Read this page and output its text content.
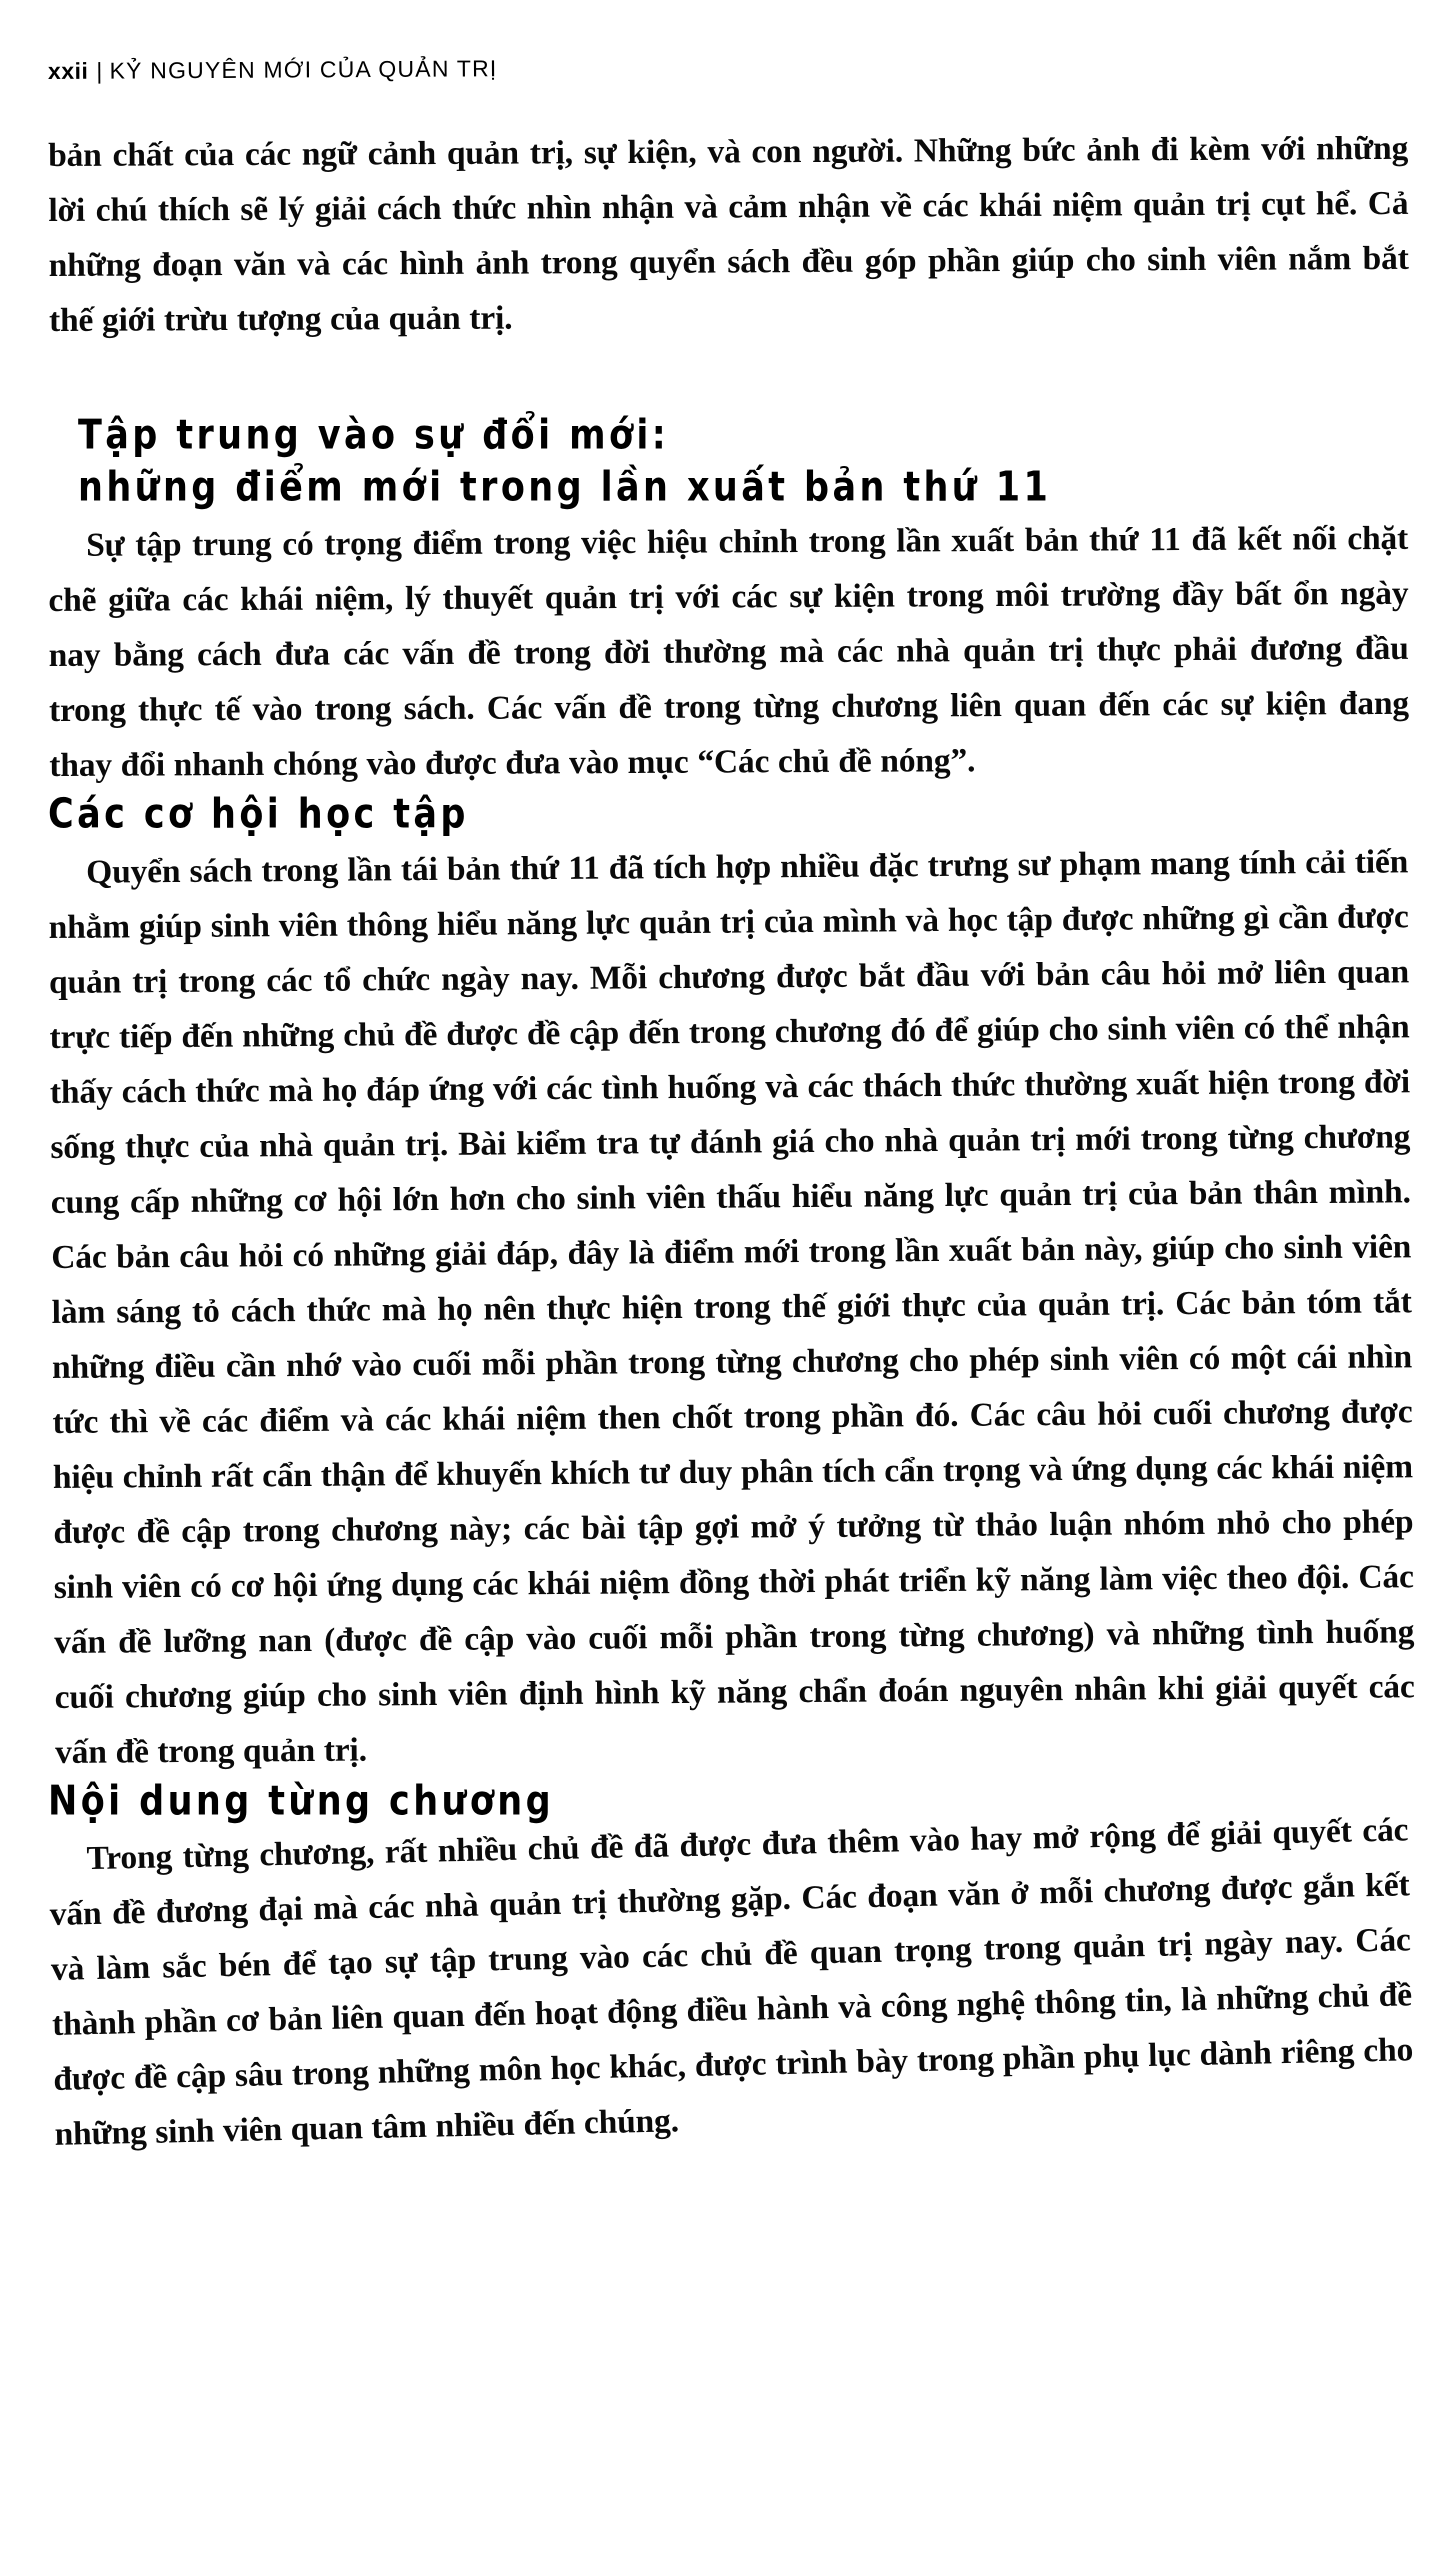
xxii | KỶ NGUYÊN MỚI CỦA QUẢN TRỊ

bản chất của các ngữ cảnh quản trị, sự kiện, và con người. Những bức ảnh đi kèm với những lời chú thích sẽ lý giải cách thức nhìn nhận và cảm nhận về các khái niệm quản trị cụt hể. Cả những đoạn văn và các hình ảnh trong quyển sách đều góp phần giúp cho sinh viên nắm bắt thế giới trừu tượng của quản trị.

Tập trung vào sự đổi mới:
những điểm mới trong lần xuất bản thứ 11

Sự tập trung có trọng điểm trong việc hiệu chỉnh trong lần xuất bản thứ 11 đã kết nối chặt chẽ giữa các khái niệm, lý thuyết quản trị với các sự kiện trong môi trường đầy bất ổn ngày nay bằng cách đưa các vấn đề trong đời thường mà các nhà quản trị thực phải đương đầu trong thực tế vào trong sách. Các vấn đề trong từng chương liên quan đến các sự kiện đang thay đổi nhanh chóng vào được đưa vào mục “Các chủ đề nóng”.

Các cơ hội học tập

Quyển sách trong lần tái bản thứ 11 đã tích hợp nhiều đặc trưng sư phạm mang tính cải tiến nhằm giúp sinh viên thông hiểu năng lực quản trị của mình và học tập được những gì cần được quản trị trong các tổ chức ngày nay. Mỗi chương được bắt đầu với bản câu hỏi mở liên quan trực tiếp đến những chủ đề được đề cập đến trong chương đó để giúp cho sinh viên có thể nhận thấy cách thức mà họ đáp ứng với các tình huống và các thách thức thường xuất hiện trong đời sống thực của nhà quản trị. Bài kiểm tra tự đánh giá cho nhà quản trị mới trong từng chương cung cấp những cơ hội lớn hơn cho sinh viên thấu hiểu năng lực quản trị của bản thân mình. Các bản câu hỏi có những giải đáp, đây là điểm mới trong lần xuất bản này, giúp cho sinh viên làm sáng tỏ cách thức mà họ nên thực hiện trong thế giới thực của quản trị. Các bản tóm tắt những điều cần nhớ vào cuối mỗi phần trong từng chương cho phép sinh viên có một cái nhìn tức thì về các điểm và các khái niệm then chốt trong phần đó. Các câu hỏi cuối chương được hiệu chỉnh rất cẩn thận để khuyến khích tư duy phân tích cẩn trọng và ứng dụng các khái niệm được đề cập trong chương này; các bài tập gợi mở ý tưởng từ thảo luận nhóm nhỏ cho phép sinh viên có cơ hội ứng dụng các khái niệm đồng thời phát triển kỹ năng làm việc theo đội. Các vấn đề lưỡng nan (được đề cập vào cuối mỗi phần trong từng chương) và những tình huống cuối chương giúp cho sinh viên định hình kỹ năng chẩn đoán nguyên nhân khi giải quyết các vấn đề trong quản trị.

Nội dung từng chương

Trong từng chương, rất nhiều chủ đề đã được đưa thêm vào hay mở rộng để giải quyết các vấn đề đương đại mà các nhà quản trị thường gặp. Các đoạn văn ở mỗi chương được gắn kết và làm sắc bén để tạo sự tập trung vào các chủ đề quan trọng trong quản trị ngày nay. Các thành phần cơ bản liên quan đến hoạt động điều hành và công nghệ thông tin, là những chủ đề được đề cập sâu trong những môn học khác, được trình bày trong phần phụ lục dành riêng cho những sinh viên quan tâm nhiều đến chúng.
